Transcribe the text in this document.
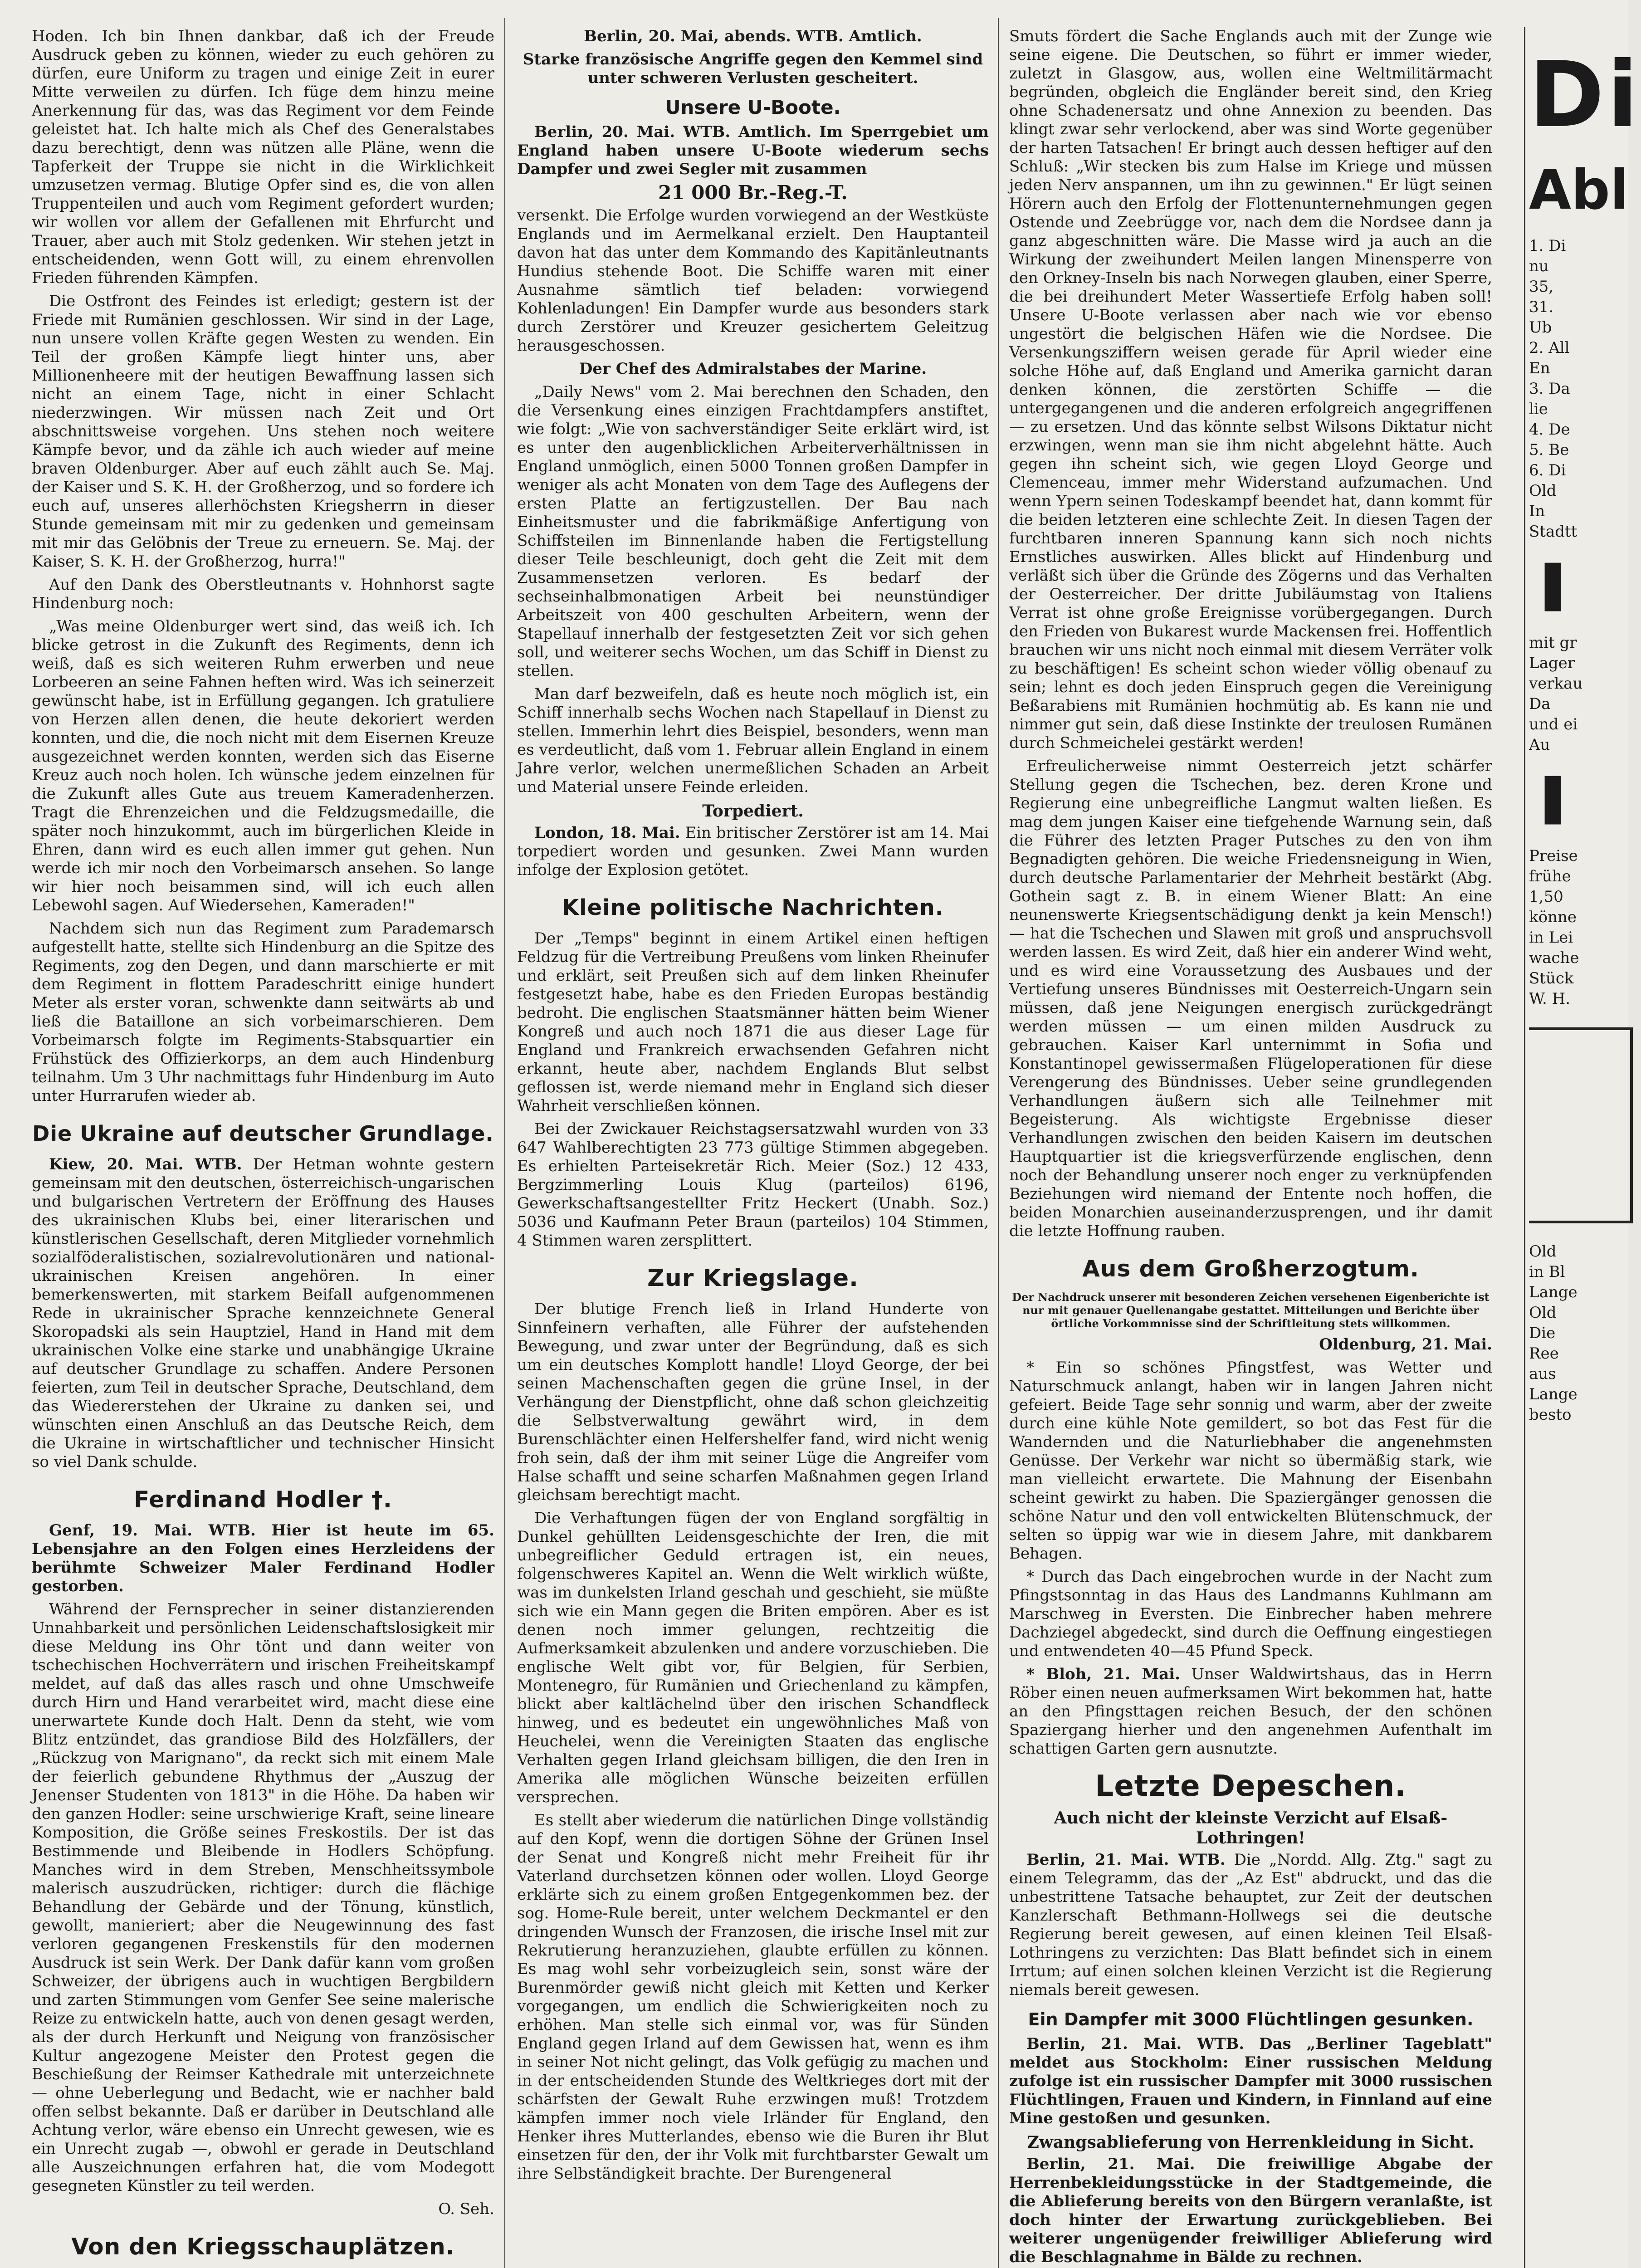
Hoden. Ich bin Ihnen dankbar, daß ich der Freude Ausdruck geben zu können, wieder zu euch gehören zu dürfen, eure Uniform zu tragen und einige Zeit in eurer Mitte verweilen zu dürfen. Ich füge dem hinzu meine Anerkennung für das, was das Regiment vor dem Feinde geleistet hat. Ich halte mich als Chef des Generalstabes dazu berechtigt, denn was nützen alle Pläne, wenn die Tapferkeit der Truppe sie nicht in die Wirklichkeit umzusetzen vermag. Blutige Opfer sind es, die von allen Truppenteilen und auch vom Regiment gefordert wurden; wir wollen vor allem der Gefallenen mit Ehrfurcht und Trauer, aber auch mit Stolz gedenken. Wir stehen jetzt in entscheidenden, wenn Gott will, zu einem ehrenvollen Frieden führenden Kämpfen.

Die Ostfront des Feindes ist erledigt; gestern ist der Friede mit Rumänien geschlossen. Wir sind in der Lage, nun unsere vollen Kräfte gegen Westen zu wenden. Ein Teil der großen Kämpfe liegt hinter uns, aber Millionenheere mit der heutigen Bewaffnung lassen sich nicht an einem Tage, nicht in einer Schlacht niederzwingen. Wir müssen nach Zeit und Ort abschnittsweise vorgehen. Uns stehen noch weitere Kämpfe bevor, und da zähle ich auch wieder auf meine braven Oldenburger. Aber auf euch zählt auch Se. Maj. der Kaiser und S. K. H. der Großherzog, und so fordere ich euch auf, unseres allerhöchsten Kriegsherrn in dieser Stunde gemeinsam mit mir zu gedenken und gemeinsam mit mir das Gelöbnis der Treue zu erneuern. Se. Maj. der Kaiser, S. K. H. der Großherzog, hurra!"

Auf den Dank des Oberstleutnants v. Hohnhorst sagte Hindenburg noch:

„Was meine Oldenburger wert sind, das weiß ich. Ich blicke getrost in die Zukunft des Regiments, denn ich weiß, daß es sich weiteren Ruhm erwerben und neue Lorbeeren an seine Fahnen heften wird. Was ich seinerzeit gewünscht habe, ist in Erfüllung gegangen. Ich gratuliere von Herzen allen denen, die heute dekoriert werden konnten, und die, die noch nicht mit dem Eisernen Kreuze ausgezeichnet werden konnten, werden sich das Eiserne Kreuz auch noch holen. Ich wünsche jedem einzelnen für die Zukunft alles Gute aus treuem Kameradenherzen. Tragt die Ehrenzeichen und die Feldzugsmedaille, die später noch hinzukommt, auch im bürgerlichen Kleide in Ehren, dann wird es euch allen immer gut gehen. Nun werde ich mir noch den Vorbeimarsch ansehen. So lange wir hier noch beisammen sind, will ich euch allen Lebewohl sagen. Auf Wiedersehen, Kameraden!"

Nachdem sich nun das Regiment zum Parademarsch aufgestellt hatte, stellte sich Hindenburg an die Spitze des Regiments, zog den Degen, und dann marschierte er mit dem Regiment in flottem Paradeschritt einige hundert Meter als erster voran, schwenkte dann seitwärts ab und ließ die Bataillone an sich vorbeimarschieren. Dem Vorbeimarsch folgte im Regiments-Stabsquartier ein Frühstück des Offizierkorps, an dem auch Hindenburg teilnahm. Um 3 Uhr nachmittags fuhr Hindenburg im Auto unter Hurrarufen wieder ab.

Die Ukraine auf deutscher Grundlage.

Kiew, 20. Mai. WTB. Der Hetman wohnte gestern gemeinsam mit den deutschen, österreichisch-ungarischen und bulgarischen Vertretern der Eröffnung des Hauses des ukrainischen Klubs bei, einer literarischen und künstlerischen Gesellschaft, deren Mitglieder vornehmlich sozialföderalistischen, sozialrevolutionären und national-ukrainischen Kreisen angehören. In einer bemerkenswerten, mit starkem Beifall aufgenommenen Rede in ukrainischer Sprache kennzeichnete General Skoropadski als sein Hauptziel, Hand in Hand mit dem ukrainischen Volke eine starke und unabhängige Ukraine auf deutscher Grundlage zu schaffen. Andere Personen feierten, zum Teil in deutscher Sprache, Deutschland, dem das Wiedererstehen der Ukraine zu danken sei, und wünschten einen Anschluß an das Deutsche Reich, dem die Ukraine in wirtschaftlicher und technischer Hinsicht so viel Dank schulde.

Ferdinand Hodler †.

Genf, 19. Mai. WTB. Hier ist heute im 65. Lebensjahre an den Folgen eines Herzleidens der berühmte Schweizer Maler Ferdinand Hodler gestorben.

Während der Fernsprecher in seiner distanzierenden Unnahbarkeit und persönlichen Leidenschaftslosigkeit mir diese Meldung ins Ohr tönt und dann weiter von tschechischen Hochverrätern und irischen Freiheitskampf meldet, auf daß das alles rasch und ohne Umschweife durch Hirn und Hand verarbeitet wird, macht diese eine unerwartete Kunde doch Halt. Denn da steht, wie vom Blitz entzündet, das grandiose Bild des Holzfällers, der „Rückzug von Marignano", da reckt sich mit einem Male der feierlich gebundene Rhythmus der „Auszug der Jenenser Studenten von 1813" in die Höhe. Da haben wir den ganzen Hodler: seine urschwierige Kraft, seine lineare Komposition, die Größe seines Freskostils. Der ist das Bestimmende und Bleibende in Hodlers Schöpfung. Manches wird in dem Streben, Menschheitssymbole malerisch auszudrücken, richtiger: durch die flächige Behandlung der Gebärde und der Tönung, künstlich, gewollt, manieriert; aber die Neugewinnung des fast verloren gegangenen Freskenstils für den modernen Ausdruck ist sein Werk. Der Dank dafür kann vom großen Schweizer, der übrigens auch in wuchtigen Bergbildern und zarten Stimmungen vom Genfer See seine malerische Reize zu entwickeln hatte, auch von denen gesagt werden, als der durch Herkunft und Neigung von französischer Kultur angezogene Meister den Protest gegen die Beschießung der Reimser Kathedrale mit unterzeichnete — ohne Ueberlegung und Bedacht, wie er nachher bald offen selbst bekannte. Daß er darüber in Deutschland alle Achtung verlor, wäre ebenso ein Unrecht gewesen, wie es ein Unrecht zugab —, obwohl er gerade in Deutschland alle Auszeichnungen erfahren hat, die vom Modegott gesegneten Künstler zu teil werden.

O. Seh.

Von den Kriegsschauplätzen.

Berlin, 20. Mai, abends. WTB. Amtlich.

Starke französische Angriffe gegen den Kemmel sind unter schweren Verlusten gescheitert.

Unsere U-Boote.

Berlin, 20. Mai. WTB. Amtlich. Im Sperrgebiet um England haben unsere U-Boote wiederum sechs Dampfer und zwei Segler mit zusammen

21 000 Br.-Reg.-T.

versenkt. Die Erfolge wurden vorwiegend an der Westküste Englands und im Aermelkanal erzielt. Den Hauptanteil davon hat das unter dem Kommando des Kapitänleutnants Hundius stehende Boot. Die Schiffe waren mit einer Ausnahme sämtlich tief beladen: vorwiegend Kohlenladungen! Ein Dampfer wurde aus besonders stark durch Zerstörer und Kreuzer gesichertem Geleitzug herausgeschossen.

Der Chef des Admiralstabes der Marine.

„Daily News" vom 2. Mai berechnen den Schaden, den die Versenkung eines einzigen Frachtdampfers anstiftet, wie folgt: „Wie von sachverständiger Seite erklärt wird, ist es unter den augenblicklichen Arbeiterverhältnissen in England unmöglich, einen 5000 Tonnen großen Dampfer in weniger als acht Monaten von dem Tage des Auflegens der ersten Platte an fertigzustellen. Der Bau nach Einheitsmuster und die fabrikmäßige Anfertigung von Schiffsteilen im Binnenlande haben die Fertigstellung dieser Teile beschleunigt, doch geht die Zeit mit dem Zusammensetzen verloren. Es bedarf der sechseinhalbmonatigen Arbeit bei neunstündiger Arbeitszeit von 400 geschulten Arbeitern, wenn der Stapellauf innerhalb der festgesetzten Zeit vor sich gehen soll, und weiterer sechs Wochen, um das Schiff in Dienst zu stellen.

Man darf bezweifeln, daß es heute noch möglich ist, ein Schiff innerhalb sechs Wochen nach Stapellauf in Dienst zu stellen. Immerhin lehrt dies Beispiel, besonders, wenn man es verdeutlicht, daß vom 1. Februar allein England in einem Jahre verlor, welchen unermeßlichen Schaden an Arbeit und Material unsere Feinde erleiden.

Torpediert.

London, 18. Mai. Ein britischer Zerstörer ist am 14. Mai torpediert worden und gesunken. Zwei Mann wurden infolge der Explosion getötet.

Kleine politische Nachrichten.

Der „Temps" beginnt in einem Artikel einen heftigen Feldzug für die Vertreibung Preußens vom linken Rheinufer und erklärt, seit Preußen sich auf dem linken Rheinufer festgesetzt habe, habe es den Frieden Europas beständig bedroht. Die englischen Staatsmänner hätten beim Wiener Kongreß und auch noch 1871 die aus dieser Lage für England und Frankreich erwachsenden Gefahren nicht erkannt, heute aber, nachdem Englands Blut selbst geflossen ist, werde niemand mehr in England sich dieser Wahrheit verschließen können.

Bei der Zwickauer Reichstagsersatzwahl wurden von 33 647 Wahlberechtigten 23 773 gültige Stimmen abgegeben. Es erhielten Parteisekretär Rich. Meier (Soz.) 12 433, Bergzimmerling Louis Klug (parteilos) 6196, Gewerkschaftsangestellter Fritz Heckert (Unabh. Soz.) 5036 und Kaufmann Peter Braun (parteilos) 104 Stimmen, 4 Stimmen waren zersplittert.

Zur Kriegslage.

Der blutige French ließ in Irland Hunderte von Sinnfeinern verhaften, alle Führer der aufstehenden Bewegung, und zwar unter der Begründung, daß es sich um ein deutsches Komplott handle! Lloyd George, der bei seinen Machenschaften gegen die grüne Insel, in der Verhängung der Dienstpflicht, ohne daß schon gleichzeitig die Selbstverwaltung gewährt wird, in dem Burenschlächter einen Helfershelfer fand, wird nicht wenig froh sein, daß der ihm mit seiner Lüge die Angreifer vom Halse schafft und seine scharfen Maßnahmen gegen Irland gleichsam berechtigt macht.

Die Verhaftungen fügen der von England sorgfältig in Dunkel gehüllten Leidensgeschichte der Iren, die mit unbegreiflicher Geduld ertragen ist, ein neues, folgenschweres Kapitel an. Wenn die Welt wirklich wüßte, was im dunkelsten Irland geschah und geschieht, sie müßte sich wie ein Mann gegen die Briten empören. Aber es ist denen noch immer gelungen, rechtzeitig die Aufmerksamkeit abzulenken und andere vorzuschieben. Die englische Welt gibt vor, für Belgien, für Serbien, Montenegro, für Rumänien und Griechenland zu kämpfen, blickt aber kaltlächelnd über den irischen Schandfleck hinweg, und es bedeutet ein ungewöhnliches Maß von Heuchelei, wenn die Vereinigten Staaten das englische Verhalten gegen Irland gleichsam billigen, die den Iren in Amerika alle möglichen Wünsche beizeiten erfüllen versprechen.

Es stellt aber wiederum die natürlichen Dinge vollständig auf den Kopf, wenn die dortigen Söhne der Grünen Insel der Senat und Kongreß nicht mehr Freiheit für ihr Vaterland durchsetzen können oder wollen. Lloyd George erklärte sich zu einem großen Entgegenkommen bez. der sog. Home-Rule bereit, unter welchem Deckmantel er den dringenden Wunsch der Franzosen, die irische Insel mit zur Rekrutierung heranzuziehen, glaubte erfüllen zu können. Es mag wohl sehr vorbeizugleich sein, sonst wäre der Burenmörder gewiß nicht gleich mit Ketten und Kerker vorgegangen, um endlich die Schwierigkeiten noch zu erhöhen. Man stelle sich einmal vor, was für Sünden England gegen Irland auf dem Gewissen hat, wenn es ihm in seiner Not nicht gelingt, das Volk gefügig zu machen und in der entscheidenden Stunde des Weltkrieges dort mit der schärfsten der Gewalt Ruhe erzwingen muß! Trotzdem kämpfen immer noch viele Irländer für England, den Henker ihres Mutterlandes, ebenso wie die Buren ihr Blut einsetzen für den, der ihr Volk mit furchtbarster Gewalt um ihre Selbständigkeit brachte. Der Burengeneral

Smuts fördert die Sache Englands auch mit der Zunge wie seine eigene. Die Deutschen, so führt er immer wieder, zuletzt in Glasgow, aus, wollen eine Weltmilitärmacht begründen, obgleich die Engländer bereit sind, den Krieg ohne Schadenersatz und ohne Annexion zu beenden. Das klingt zwar sehr verlockend, aber was sind Worte gegenüber der harten Tatsachen! Er bringt auch dessen heftiger auf den Schluß: „Wir stecken bis zum Halse im Kriege und müssen jeden Nerv anspannen, um ihn zu gewinnen." Er lügt seinen Hörern auch den Erfolg der Flottenunternehmungen gegen Ostende und Zeebrügge vor, nach dem die Nordsee dann ja ganz abgeschnitten wäre. Die Masse wird ja auch an die Wirkung der zweihundert Meilen langen Minensperre von den Orkney-Inseln bis nach Norwegen glauben, einer Sperre, die bei dreihundert Meter Wassertiefe Erfolg haben soll! Unsere U-Boote verlassen aber nach wie vor ebenso ungestört die belgischen Häfen wie die Nordsee. Die Versenkungsziffern weisen gerade für April wieder eine solche Höhe auf, daß England und Amerika garnicht daran denken können, die zerstörten Schiffe — die untergegangenen und die anderen erfolgreich angegriffenen — zu ersetzen. Und das könnte selbst Wilsons Diktatur nicht erzwingen, wenn man sie ihm nicht abgelehnt hätte. Auch gegen ihn scheint sich, wie gegen Lloyd George und Clemenceau, immer mehr Widerstand aufzumachen. Und wenn Ypern seinen Todeskampf beendet hat, dann kommt für die beiden letzteren eine schlechte Zeit. In diesen Tagen der furchtbaren inneren Spannung kann sich noch nichts Ernstliches auswirken. Alles blickt auf Hindenburg und verläßt sich über die Gründe des Zögerns und das Verhalten der Oesterreicher. Der dritte Jubiläumstag von Italiens Verrat ist ohne große Ereignisse vorübergegangen. Durch den Frieden von Bukarest wurde Mackensen frei. Hoffentlich brauchen wir uns nicht noch einmal mit diesem Verräter volk zu beschäftigen! Es scheint schon wieder völlig obenauf zu sein; lehnt es doch jeden Einspruch gegen die Vereinigung Beßarabiens mit Rumänien hochmütig ab. Es kann nie und nimmer gut sein, daß diese Instinkte der treulosen Rumänen durch Schmeichelei gestärkt werden!

Erfreulicherweise nimmt Oesterreich jetzt schärfer Stellung gegen die Tschechen, bez. deren Krone und Regierung eine unbegreifliche Langmut walten ließen. Es mag dem jungen Kaiser eine tiefgehende Warnung sein, daß die Führer des letzten Prager Putsches zu den von ihm Begnadigten gehören. Die weiche Friedensneigung in Wien, durch deutsche Parlamentarier der Mehrheit bestärkt (Abg. Gothein sagt z. B. in einem Wiener Blatt: An eine neunenswerte Kriegsentschädigung denkt ja kein Mensch!) — hat die Tschechen und Slawen mit groß und anspruchsvoll werden lassen. Es wird Zeit, daß hier ein anderer Wind weht, und es wird eine Voraussetzung des Ausbaues und der Vertiefung unseres Bündnisses mit Oesterreich-Ungarn sein müssen, daß jene Neigungen energisch zurückgedrängt werden müssen — um einen milden Ausdruck zu gebrauchen. Kaiser Karl unternimmt in Sofia und Konstantinopel gewissermaßen Flügeloperationen für diese Verengerung des Bündnisses. Ueber seine grundlegenden Verhandlungen äußern sich alle Teilnehmer mit Begeisterung. Als wichtigste Ergebnisse dieser Verhandlungen zwischen den beiden Kaisern im deutschen Hauptquartier ist die kriegsverfürzende englischen, denn noch der Behandlung unserer noch enger zu verknüpfenden Beziehungen wird niemand der Entente noch hoffen, die beiden Monarchien auseinanderzusprengen, und ihr damit die letzte Hoffnung rauben.

Aus dem Großherzogtum.
Der Nachdruck unserer mit besonderen Zeichen versehenen Eigenberichte ist nur mit genauer Quellenangabe gestattet. Mitteilungen und Berichte über örtliche Vorkommnisse sind der Schriftleitung stets willkommen.

Oldenburg, 21. Mai.

* Ein so schönes Pfingstfest, was Wetter und Naturschmuck anlangt, haben wir in langen Jahren nicht gefeiert. Beide Tage sehr sonnig und warm, aber der zweite durch eine kühle Note gemildert, so bot das Fest für die Wandernden und die Naturliebhaber die angenehmsten Genüsse. Der Verkehr war nicht so übermäßig stark, wie man vielleicht erwartete. Die Mahnung der Eisenbahn scheint gewirkt zu haben. Die Spaziergänger genossen die schöne Natur und den voll entwickelten Blütenschmuck, der selten so üppig war wie in diesem Jahre, mit dankbarem Behagen.

* Durch das Dach eingebrochen wurde in der Nacht zum Pfingstsonntag in das Haus des Landmanns Kuhlmann am Marschweg in Eversten. Die Einbrecher haben mehrere Dachziegel abgedeckt, sind durch die Oeffnung eingestiegen und entwendeten 40—45 Pfund Speck.

* Bloh, 21. Mai. Unser Waldwirtshaus, das in Herrn Röber einen neuen aufmerksamen Wirt bekommen hat, hatte an den Pfingsttagen reichen Besuch, der den schönen Spaziergang hierher und den angenehmen Aufenthalt im schattigen Garten gern ausnutzte.

Letzte Depeschen.
Auch nicht der kleinste Verzicht auf Elsaß-Lothringen!

Berlin, 21. Mai. WTB. Die „Nordd. Allg. Ztg." sagt zu einem Telegramm, das der „Az Est" abdruckt, und das die unbestrittene Tatsache behauptet, zur Zeit der deutschen Kanzlerschaft Bethmann-Hollwegs sei die deutsche Regierung bereit gewesen, auf einen kleinen Teil Elsaß-Lothringens zu verzichten: Das Blatt befindet sich in einem Irrtum; auf einen solchen kleinen Verzicht ist die Regierung niemals bereit gewesen.

Ein Dampfer mit 3000 Flüchtlingen gesunken.

Berlin, 21. Mai. WTB. Das „Berliner Tageblatt" meldet aus Stockholm: Einer russischen Meldung zufolge ist ein russischer Dampfer mit 3000 russischen Flüchtlingen, Frauen und Kindern, in Finnland auf eine Mine gestoßen und gesunken.

Zwangsablieferung von Herrenkleidung in Sicht.

Berlin, 21. Mai. Die freiwillige Abgabe der Herrenbekleidungsstücke in der Stadtgemeinde, die die Ablieferung bereits von den Bürgern veranlaßte, ist doch hinter der Erwartung zurückgeblieben. Bei weiterer ungenügender freiwilliger Ablieferung wird die Beschlagnahme in Bälde zu rechnen.

Di
Abl
1. Di
nu
35,
31.
Ub
2. All
En
3. Da
lie
4. De
5. Be
6. Di
Old
In
Stadtt
▐
mit gr
Lager
verkau
Da
und ei
Au
▐
Preise
frühe
1,50
könne
in Lei
wache
Stück
W. H.
Old
in Bl
Lange
Old
Die
Ree
aus
Lange
besto
